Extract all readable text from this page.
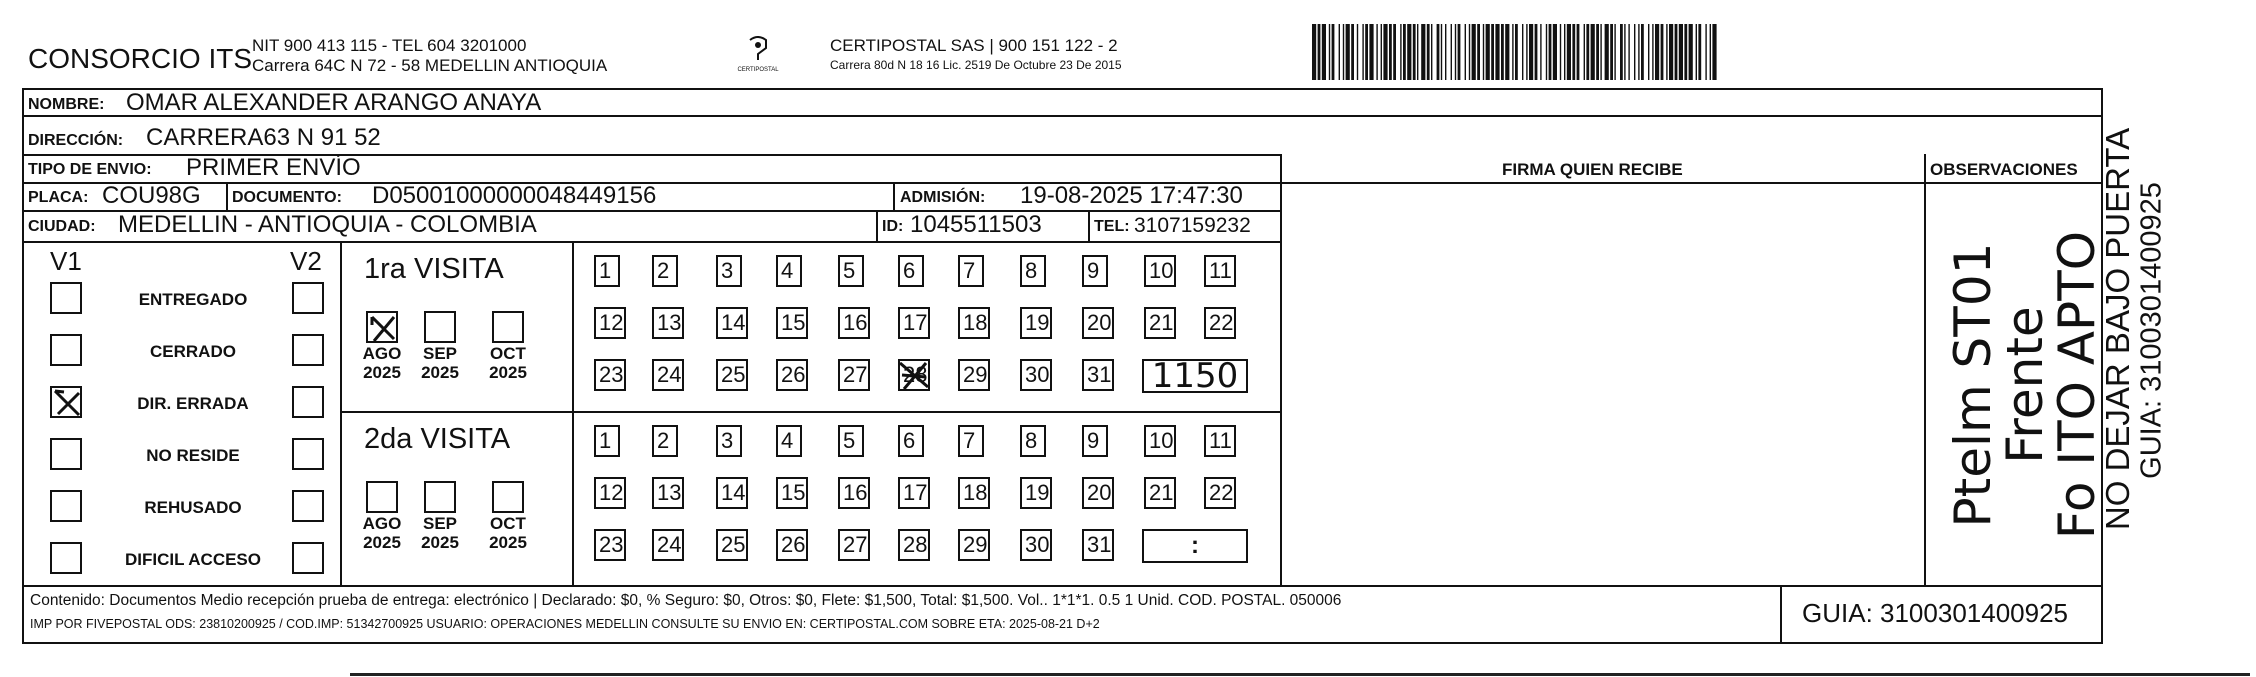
CONSORCIO ITS NIT 900 413 115 - TEL 604 3201000
Carrera 64C N 72 - 58 MEDELLIN ANTIOQUIA	CERTIPOSTAL
CERTIPOSTAL SAS | 900 151 122 - 2
Carrera 80d N 18 16 Lic. 2519 De Octubre 23 De 2015
NOMBRE: OMAR ALEXANDER ARANGO ANAYA
DIRECCIÓN: CARRERA63 N 91 52
TIPO DE ENVIO: PRIMER ENVÍO	FIRMA QUIEN RECIBE	OBSERVACIONES
PLACA: COU98G DOCUMENTO: D05001000000048449156	ADMISIÓN: 19-08-2025 17:47:30
CIUDAD: MEDELLIN - ANTIOQUIA - COLOMBIA	ID: 1045511503	TEL: 3107159232
V1	V2
ENTREGADO
CERRADO
DIR. ERRADA
NO RESIDE
REHUSADO
DIFICIL ACCESO
1ra VISITA
AGO
2025
SEP
2025
OCT
2025
1	2	3	4	5	6	7	8	9	10 11
12 13 14 15 16 17 18 19 20 21 22
23 24 25 26 27 28 29 30 31 1150
2da VISITA
AGO
2025
SEP
2025
OCT
2025
1	2	3	4	5	6	7	8	9	10 11
12 13 14 15 16 17 18 19 20 21 22
23 24 25 26 27 28 29 30 31	:
Ptelm ST01
Frente
Fo ITO APTO
Contenido: Documentos Medio recepción prueba de entrega: electrónico | Declarado: $0, % Seguro: $0, Otros: $0, Flete: $1,500, Total: $1,500. Vol.. 1*1*1. 0.5 1 Unid. COD. POSTAL. 050006
IMP POR FIVEPOSTAL ODS: 23810200925 / COD.IMP: 51342700925 USUARIO: OPERACIONES MEDELLIN CONSULTE SU ENVIO EN: CERTIPOSTAL.COM SOBRE ETA: 2025-08-21 D+2	GUIA: 3100301400925
NO DEJAR BAJO PUERTA GUIA: 3100301400925
